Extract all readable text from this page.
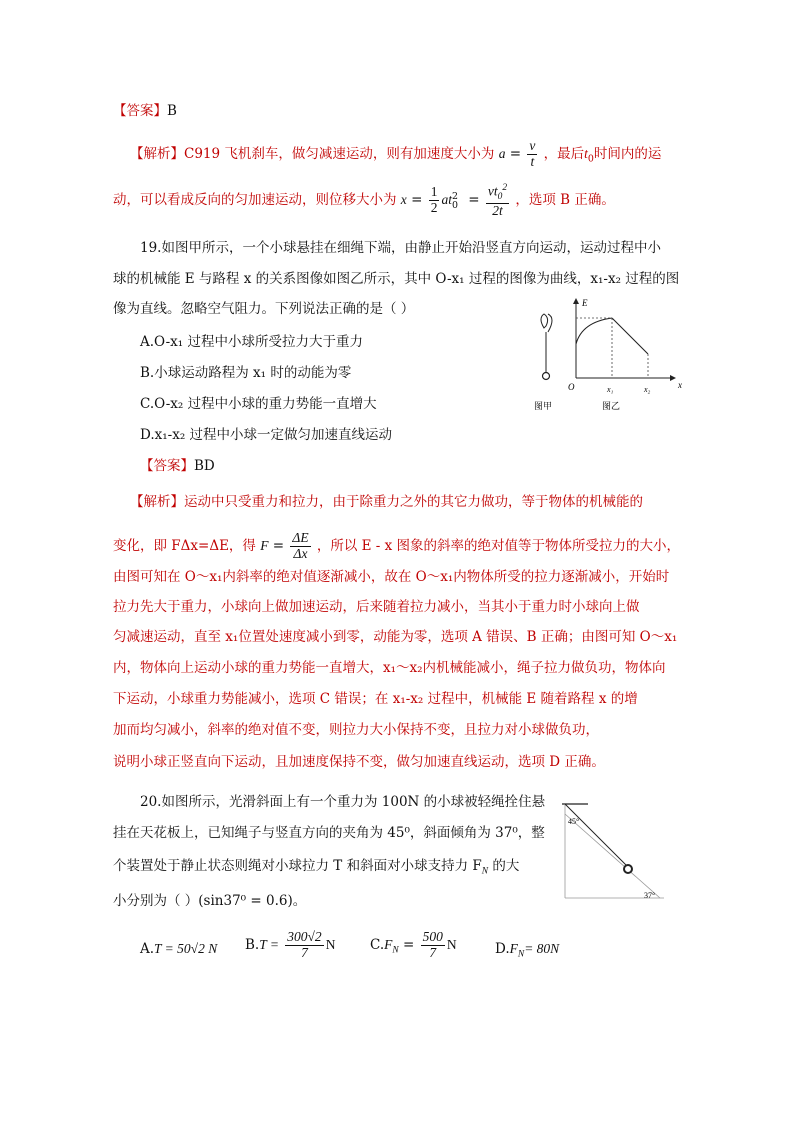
【答案】B
【解析】C919 飞机刹车，做匀减速运动，则有加速度大小为 $a = \frac{v}{t}$ ，最后$t_0$时间内的运
动，可以看成反向的匀加速运动，则位移大小为 $x = \frac{1}{2} at_0^2 = \frac{vt_0^2}{2t}$ ，选项 B 正确。
19.如图甲所示，一个小球悬挂在细绳下端，由静止开始沿竖直方向运动，运动过程中小
球的机械能 E 与路程 x 的关系图像如图乙所示，其中 O-x₁ 过程的图像为曲线，x₁-x₂ 过程的图
像为直线。忽略空气阻力。下列说法正确的是（ ）
A.O-x₁ 过程中小球所受拉力大于重力
B.小球运动路程为 x₁ 时的动能为零
C.O-x₂ 过程中小球的重力势能一直增大
D.x₁-x₂ 过程中小球一定做匀加速直线运动
E
x
O	x₁	x₂
图甲	图乙
【答案】BD
【解析】运动中只受重力和拉力，由于除重力之外的其它力做功，等于物体的机械能的
变化，即 FΔx=ΔE，得 $F = \frac{\Delta E}{\Delta x}$ ，所以 E - x 图象的斜率的绝对值等于物体所受拉力的大小，
由图可知在 O～x₁内斜率的绝对值逐渐减小，故在 O～x₁内物体所受的拉力逐渐减小，开始时
拉力先大于重力，小球向上做加速运动，后来随着拉力减小，当其小于重力时小球向上做
匀减速运动，直至 x₁位置处速度减小到零，动能为零，选项 A 错误、B 正确；由图可知 O～x₁
内，物体向上运动小球的重力势能一直增大，x₁～x₂内机械能减小，绳子拉力做负功，物体向
下运动，小球重力势能减小，选项 C 错误；在 x₁-x₂ 过程中，机械能 E 随着路程 x 的增
加而均匀减小，斜率的绝对值不变，则拉力大小保持不变，且拉力对小球做负功，
说明小球正竖直向下运动，且加速度保持不变，做匀加速直线运动，选项 D 正确。
20.如图所示，光滑斜面上有一个重力为 100N 的小球被轻绳拴住悬
挂在天花板上，已知绳子与竖直方向的夹角为 45⁰，斜面倾角为 37⁰，整
个装置处于静止状态则绳对小球拉力 T 和斜面对小球支持力 $F_N$ 的大
小分别为（ ）(sin37⁰ = 0.6)。
45°
37°
A.T = 50√2 N $B.T = \frac{300√2}{7}$ N	$C.F_N = \frac{500}{7}$ N	$D.F_N= 80N$
